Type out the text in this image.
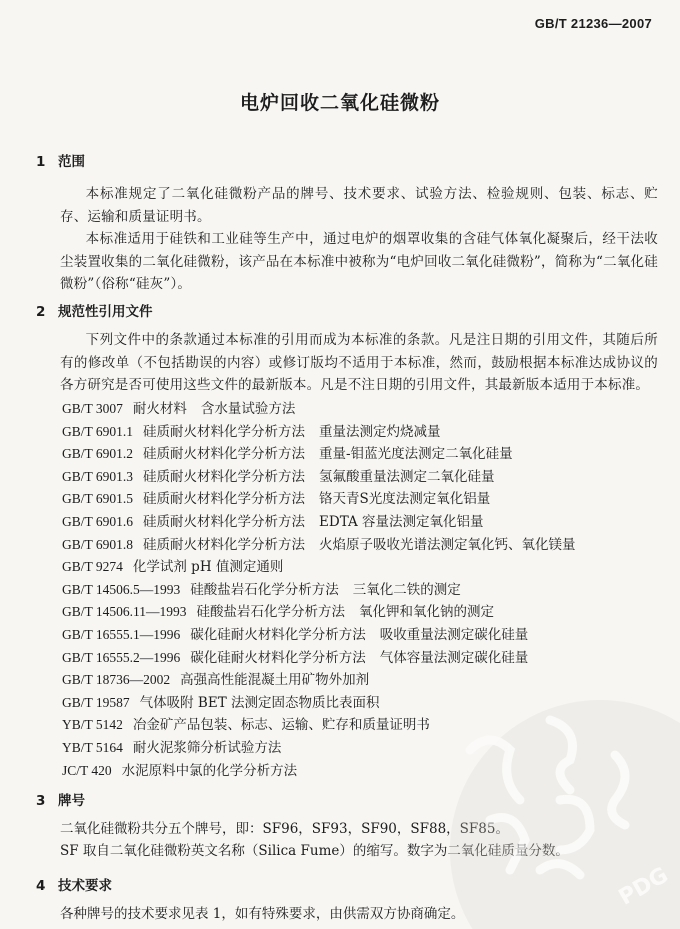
GB/T 21236—2007
电炉回收二氧化硅微粉
1 范围

本标准规定了二氧化硅微粉产品的牌号、技术要求、试验方法、检验规则、包装、标志、贮存、运输和质量证明书。

本标准适用于硅铁和工业硅等生产中，通过电炉的烟罩收集的含硅气体氧化凝聚后，经干法收尘装置收集的二氧化硅微粉，该产品在本标准中被称为“电炉回收二氧化硅微粉”，简称为“二氧化硅微粉”（俗称“硅灰”）。

2 规范性引用文件

下列文件中的条款通过本标准的引用而成为本标准的条款。凡是注日期的引用文件，其随后所有的修改单（不包括勘误的内容）或修订版均不适用于本标准，然而，鼓励根据本标准达成协议的各方研究是否可使用这些文件的最新版本。凡是不注日期的引用文件，其最新版本适用于本标准。

GB/T 3007 耐火材料 含水量试验方法
GB/T 6901.1 硅质耐火材料化学分析方法 重量法测定灼烧减量
GB/T 6901.2 硅质耐火材料化学分析方法 重量-钼蓝光度法测定二氧化硅量
GB/T 6901.3 硅质耐火材料化学分析方法 氢氟酸重量法测定二氧化硅量
GB/T 6901.5 硅质耐火材料化学分析方法 铬天青S光度法测定氧化铝量
GB/T 6901.6 硅质耐火材料化学分析方法 EDTA 容量法测定氧化铝量
GB/T 6901.8 硅质耐火材料化学分析方法 火焰原子吸收光谱法测定氧化钙、氧化镁量
GB/T 9274 化学试剂 pH 值测定通则
GB/T 14506.5—1993 硅酸盐岩石化学分析方法 三氧化二铁的测定
GB/T 14506.11—1993 硅酸盐岩石化学分析方法 氧化钾和氧化钠的测定
GB/T 16555.1—1996 碳化硅耐火材料化学分析方法 吸收重量法测定碳化硅量
GB/T 16555.2—1996 碳化硅耐火材料化学分析方法 气体容量法测定碳化硅量
GB/T 18736—2002 高强高性能混凝土用矿物外加剂
GB/T 19587 气体吸附 BET 法测定固态物质比表面积
YB/T 5142 冶金矿产品包装、标志、运输、贮存和质量证明书
YB/T 5164 耐火泥浆筛分析试验方法
JC/T 420 水泥原料中氯的化学分析方法
3 牌号
二氧化硅微粉共分五个牌号，即：SF96，SF93，SF90，SF88，SF85。
SF 取自二氧化硅微粉英文名称（Silica Fume）的缩写。数字为二氧化硅质量分数。
4 技术要求
各种牌号的技术要求见表 1，如有特殊要求，由供需双方协商确定。
PDG
